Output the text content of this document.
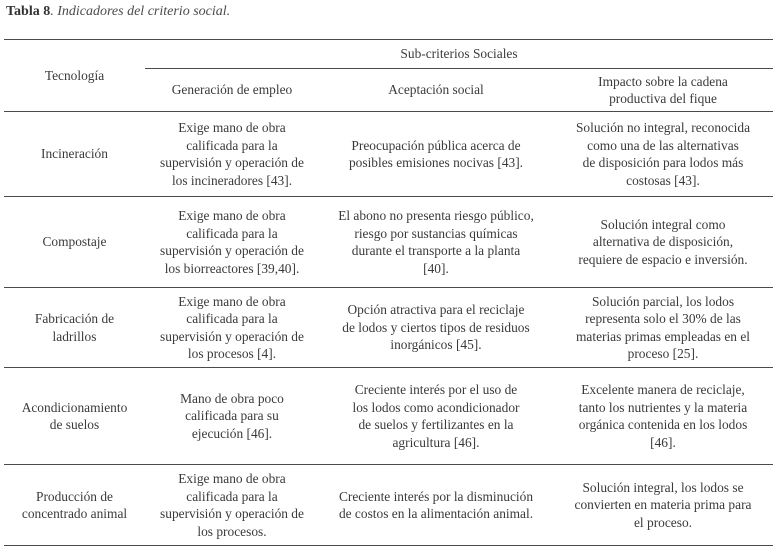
Tabla 8. Indicadores del criterio social.
Tecnología
Sub-criterios Sociales
Generación de empleo	Aceptación social
Impacto sobre la cadena
productiva del fique
Incineración
Exige mano de obra
calificada para la
supervisión y operación de
los incineradores [43].
Preocupación pública acerca de
posibles emisiones nocivas [43].
Solución no integral, reconocida
como una de las alternativas
de disposición para lodos más
costosas [43].
Compostaje
Exige mano de obra
calificada para la
supervisión y operación de
los biorreactores [39,40].
El abono no presenta riesgo público,
riesgo por sustancias químicas
durante el transporte a la planta
[40].
Solución integral como
alternativa de disposición,
requiere de espacio e inversión.
Fabricación de
ladrillos
Exige mano de obra
calificada para la
supervisión y operación de
los procesos [4].
Opción atractiva para el reciclaje
de lodos y ciertos tipos de residuos
inorgánicos [45].
Solución parcial, los lodos
representa solo el 30% de las
materias primas empleadas en el
proceso [25].
Acondicionamiento
de suelos
Mano de obra poco
calificada para su
ejecución [46].
Creciente interés por el uso de
los lodos como acondicionador
de suelos y fertilizantes en la
agricultura [46].
Excelente manera de reciclaje,
tanto los nutrientes y la materia
orgánica contenida en los lodos
[46].
Producción de
concentrado animal
Exige mano de obra
calificada para la
supervisión y operación de
los procesos.
Creciente interés por la disminución
de costos en la alimentación animal.
Solución integral, los lodos se
convierten en materia prima para
el proceso.
